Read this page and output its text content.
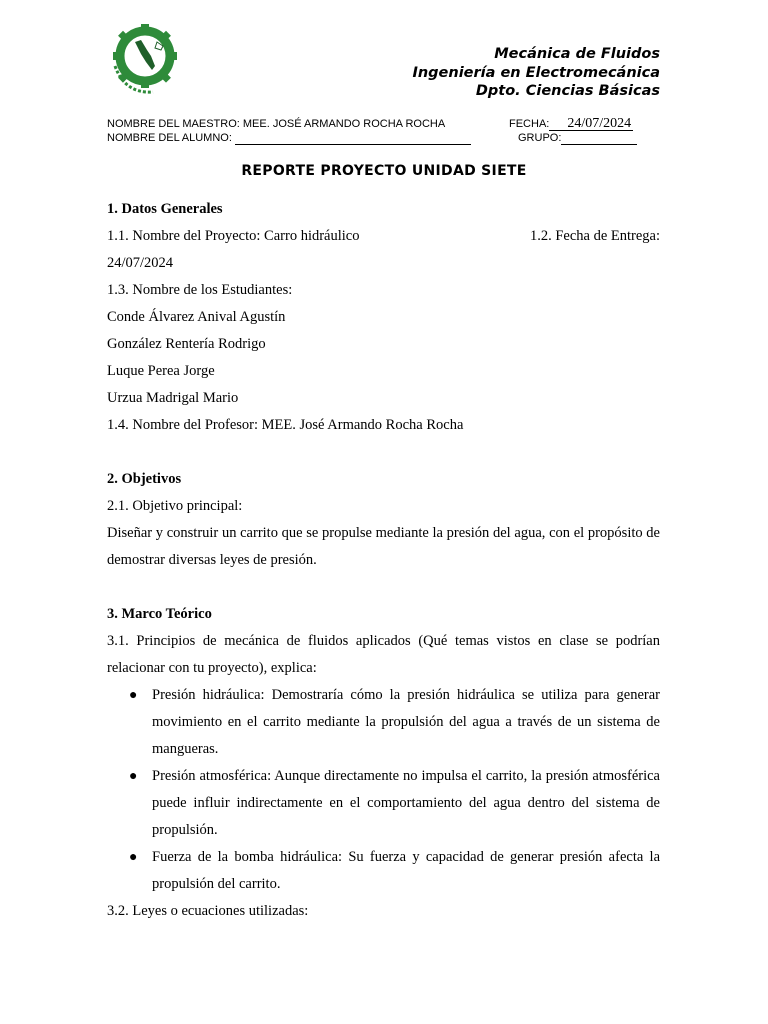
Mecánica de Fluidos
Ingeniería en Electromecánica
Dpto. Ciencias Básicas
NOMBRE DEL MAESTRO: MEE. JOSÉ ARMANDO ROCHA ROCHA	FECHA: 24/07/2024
NOMBRE DEL ALUMNO:	GRUPO:
REPORTE PROYECTO UNIDAD SIETE

1. Datos Generales

1.1. Nombre del Proyecto: Carro hidráulico	1.2. Fecha de Entrega:

24/07/2024

1.3. Nombre de los Estudiantes:

Conde Álvarez Anival Agustín

González Rentería Rodrigo

Luque Perea Jorge

Urzua Madrigal Mario

1.4. Nombre del Profesor: MEE. José Armando Rocha Rocha

2. Objetivos

2.1. Objetivo principal:

Diseñar y construir un carrito que se propulse mediante la presión del agua, con el propósito de demostrar diversas leyes de presión.

3. Marco Teórico

3.1. Principios de mecánica de fluidos aplicados (Qué temas vistos en clase se podrían relacionar con tu proyecto), explica:

● Presión hidráulica: Demostraría cómo la presión hidráulica se utiliza para generar movimiento en el carrito mediante la propulsión del agua a través de un sistema de mangueras.
● Presión atmosférica: Aunque directamente no impulsa el carrito, la presión atmosférica puede influir indirectamente en el comportamiento del agua dentro del sistema de propulsión.
● Fuerza de la bomba hidráulica: Su fuerza y capacidad de generar presión afecta la propulsión del carrito.

3.2. Leyes o ecuaciones utilizadas:
